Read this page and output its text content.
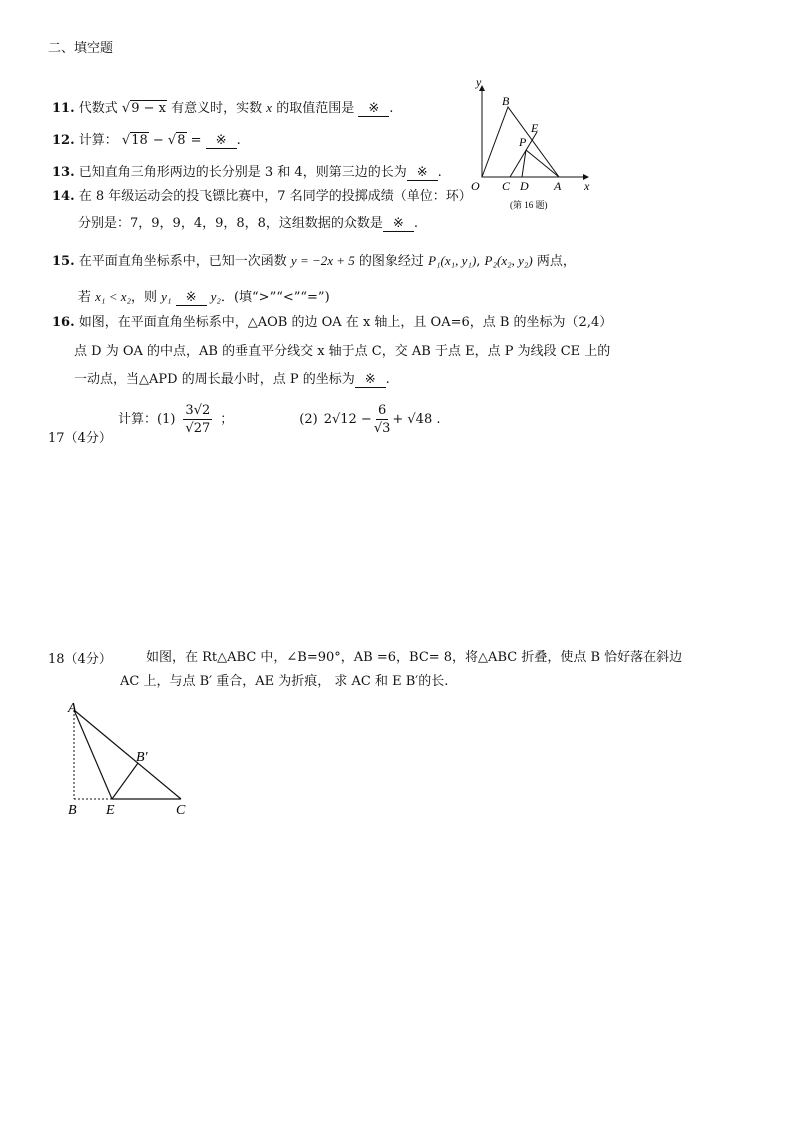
二、填空题
11. 代数式 √9 − x 有意义时，实数 x 的取值范围是 ※ .
12. 计算： √18 − √8 = ※ .
13. 已知直角三角形两边的长分别是 3 和 4，则第三边的长为 ※ .
14. 在 8 年级运动会的投飞镖比赛中，7 名同学的投掷成绩（单位：环）
分别是：7，9，9，4，9，8，8，这组数据的众数是 ※ .
15. 在平面直角坐标系中，已知一次函数 y = −2x + 5 的图象经过 P₁(x₁, y₁), P₂(x₂, y₂) 两点，
若 x₁ < x₂，则 y₁ ※ y₂．(填“>”“<”“=”)
16. 如图，在平面直角坐标系中，△AOB 的边 OA 在 x 轴上，且 OA=6，点 B 的坐标为（2,4）
点 D 为 OA 的中点，AB 的垂直平分线交 x 轴于点 C，交 AB 于点 E，点 P 为线段 CE 上的
一动点，当△APD 的周长最小时，点 P 的坐标为 ※ .
17（4分）
计算：$(1) \frac{3√2}{√27}$ ；	(2) $2√12 - \frac{6}{√3} + √48$ .
18（4分）	如图，在 Rt△ABC 中，∠B=90°，AB =6，BC= 8，将△ABC 折叠，使点 B 恰好落在斜边
AC 上，与点 B′ 重合，AE 为折痕， 求 AC 和 E B′的长.
y
x
O
B
E
P
C D A
(第 16 题)
A
B E	C
B′
